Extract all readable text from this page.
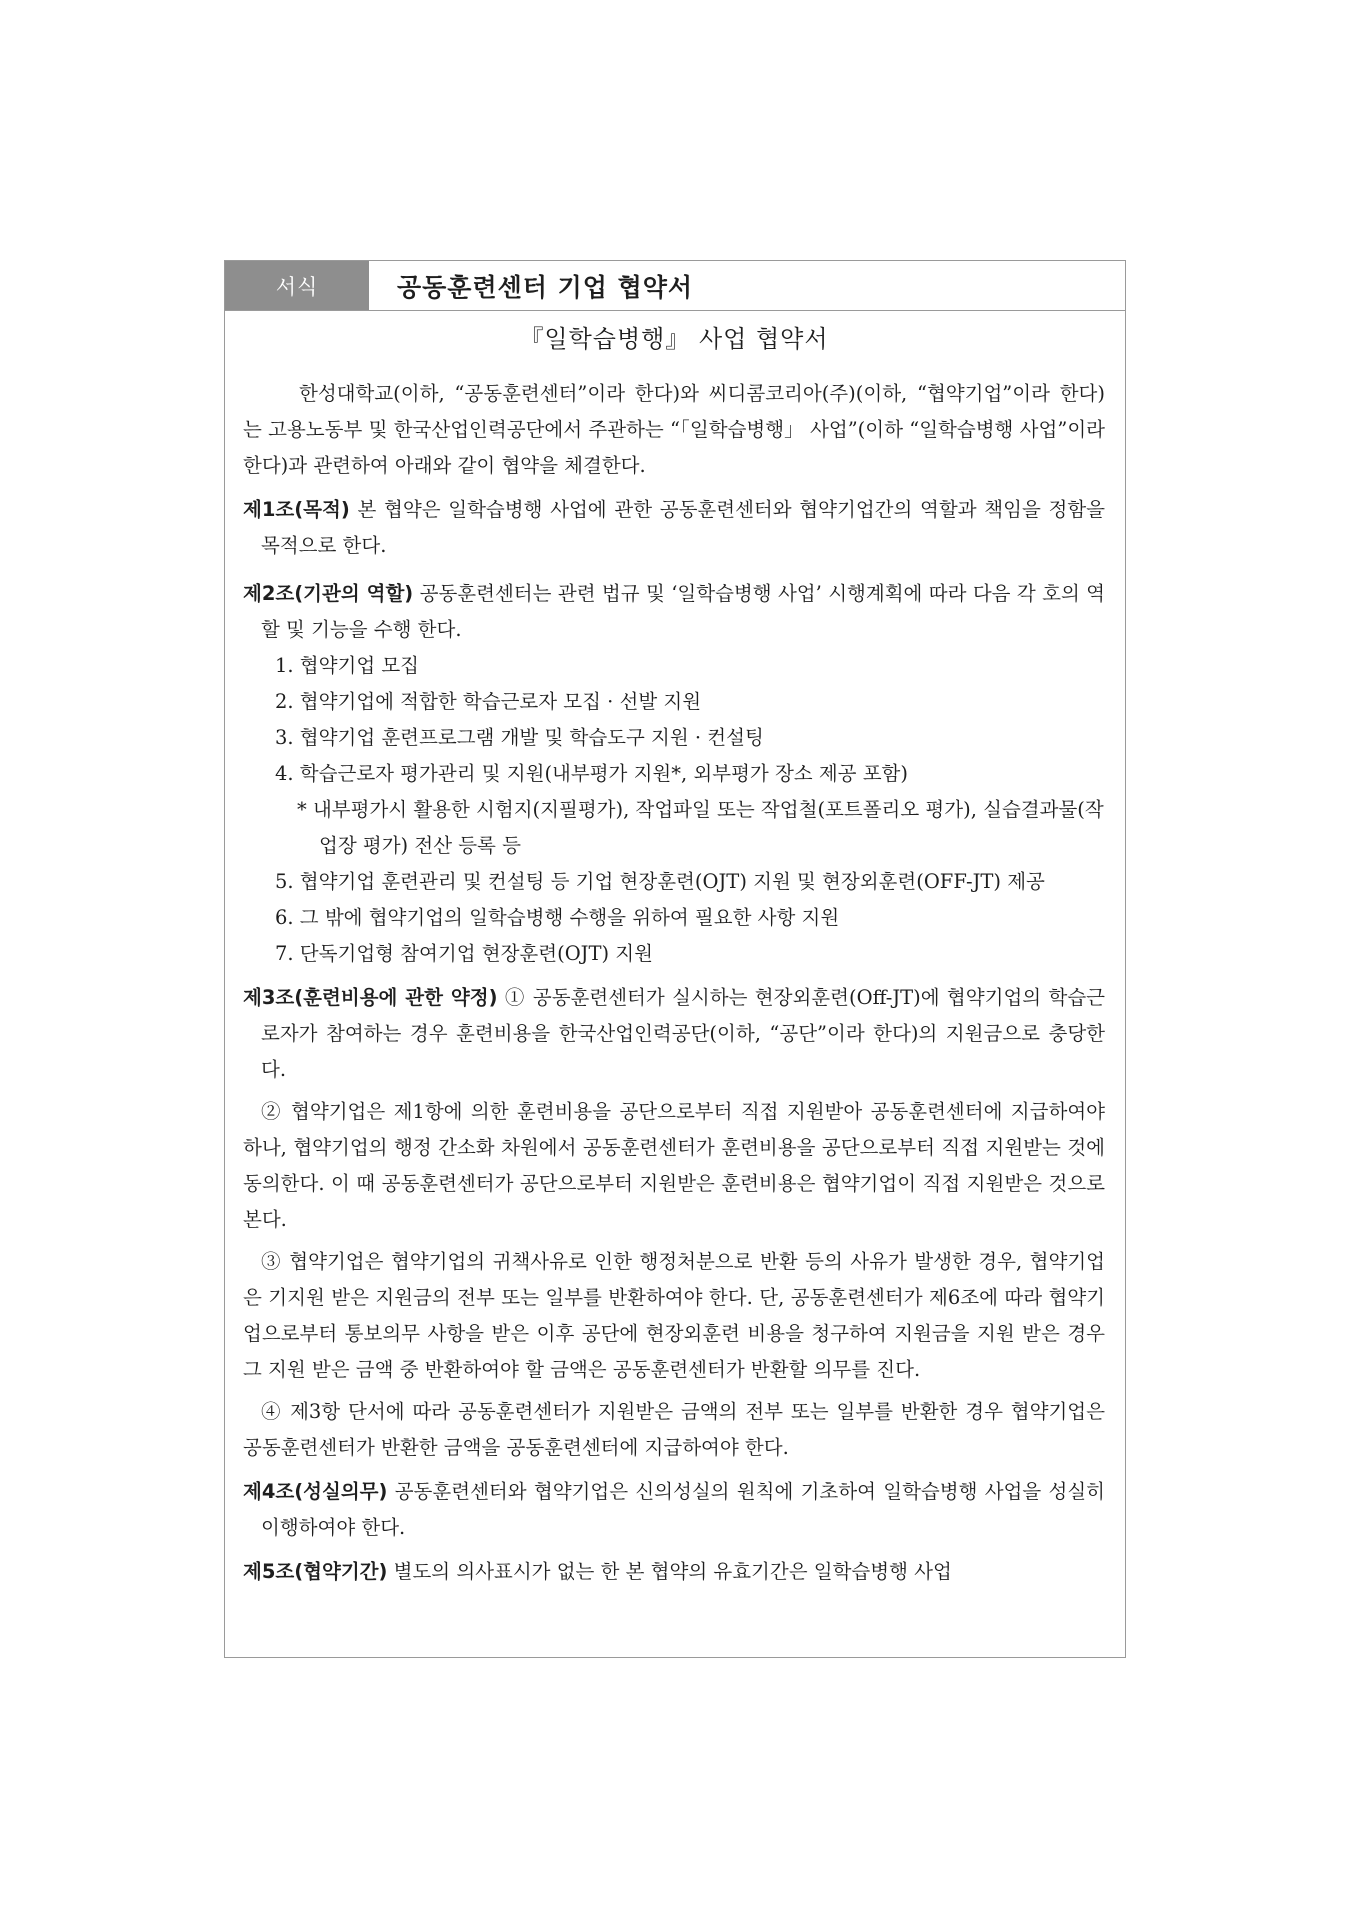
서식	공동훈련센터 기업 협약서
『일학습병행』 사업 협약서

한성대학교(이하, “공동훈련센터”이라 한다)와 씨디콤코리아(주)(이하, “협약기업”이라 한다)는 고용노동부 및 한국산업인력공단에서 주관하는 “「일학습병행」 사업”(이하 “일학습병행 사업”이라 한다)과 관련하여 아래와 같이 협약을 체결한다.

제1조(목적) 본 협약은 일학습병행 사업에 관한 공동훈련센터와 협약기업간의 역할과 책임을 정함을 목적으로 한다.

제2조(기관의 역할) 공동훈련센터는 관련 법규 및 ‘일학습병행 사업’ 시행계획에 따라 다음 각 호의 역할 및 기능을 수행 한다.

1. 협약기업 모집
2. 협약기업에 적합한 학습근로자 모집 · 선발 지원
3. 협약기업 훈련프로그램 개발 및 학습도구 지원 · 컨설팅
4. 학습근로자 평가관리 및 지원(내부평가 지원*, 외부평가 장소 제공 포함)
* 내부평가시 활용한 시험지(지필평가), 작업파일 또는 작업철(포트폴리오 평가), 실습결과물(작업장 평가) 전산 등록 등
5. 협약기업 훈련관리 및 컨설팅 등 기업 현장훈련(OJT) 지원 및 현장외훈련(OFF-JT) 제공
6. 그 밖에 협약기업의 일학습병행 수행을 위하여 필요한 사항 지원
7. 단독기업형 참여기업 현장훈련(OJT) 지원

제3조(훈련비용에 관한 약정) ① 공동훈련센터가 실시하는 현장외훈련(Off-JT)에 협약기업의 학습근로자가 참여하는 경우 훈련비용을 한국산업인력공단(이하, “공단”이라 한다)의 지원금으로 충당한다.

② 협약기업은 제1항에 의한 훈련비용을 공단으로부터 직접 지원받아 공동훈련센터에 지급하여야 하나, 협약기업의 행정 간소화 차원에서 공동훈련센터가 훈련비용을 공단으로부터 직접 지원받는 것에 동의한다. 이 때 공동훈련센터가 공단으로부터 지원받은 훈련비용은 협약기업이 직접 지원받은 것으로 본다.

③ 협약기업은 협약기업의 귀책사유로 인한 행정처분으로 반환 등의 사유가 발생한 경우, 협약기업은 기지원 받은 지원금의 전부 또는 일부를 반환하여야 한다. 단, 공동훈련센터가 제6조에 따라 협약기업으로부터 통보의무 사항을 받은 이후 공단에 현장외훈련 비용을 청구하여 지원금을 지원 받은 경우 그 지원 받은 금액 중 반환하여야 할 금액은 공동훈련센터가 반환할 의무를 진다.

④ 제3항 단서에 따라 공동훈련센터가 지원받은 금액의 전부 또는 일부를 반환한 경우 협약기업은 공동훈련센터가 반환한 금액을 공동훈련센터에 지급하여야 한다.

제4조(성실의무) 공동훈련센터와 협약기업은 신의성실의 원칙에 기초하여 일학습병행 사업을 성실히 이행하여야 한다.

제5조(협약기간) 별도의 의사표시가 없는 한 본 협약의 유효기간은 일학습병행 사업
